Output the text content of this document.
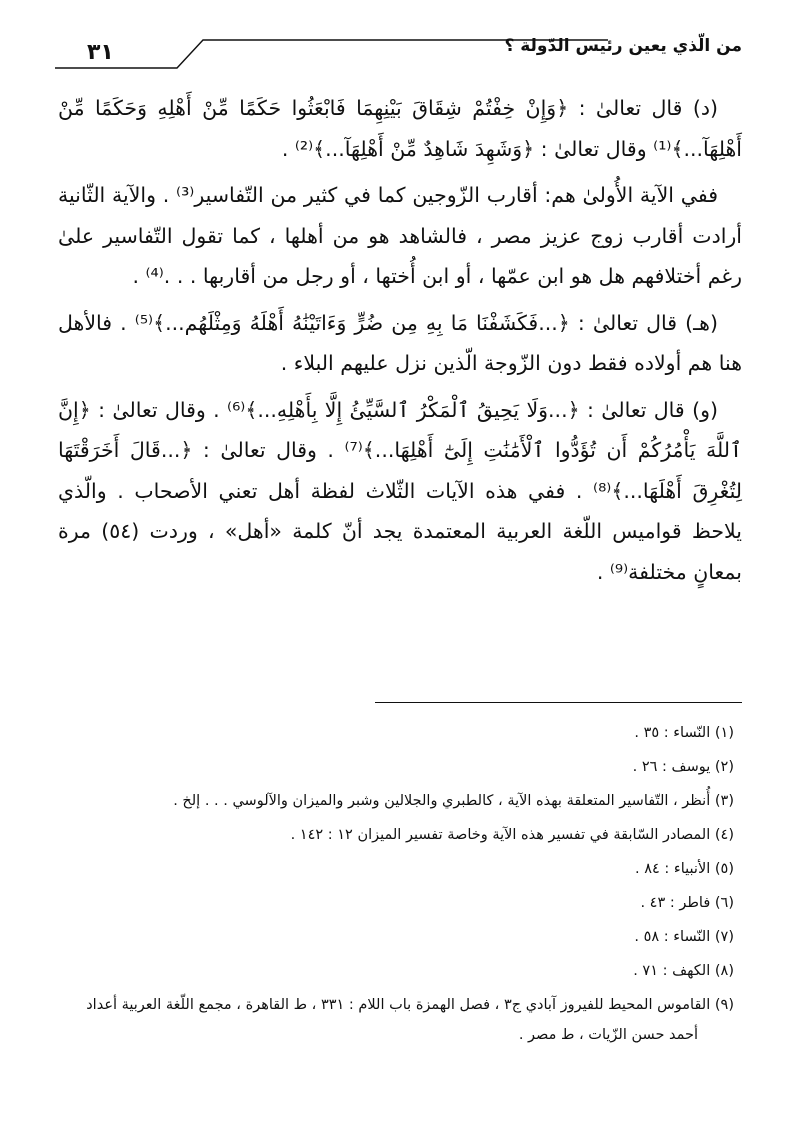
٣١	من الّذي يعين رئيس الدّولة ؟

(د) قال تعالىٰ : ﴿وَإِنْ خِفْتُمْ شِقَاقَ بَيْنِهِمَا فَابْعَثُوا حَكَمًا مِّنْ أَهْلِهِ وَحَكَمًا مِّنْ أَهْلِهَآ...﴾⁽¹⁾ وقال تعالىٰ : ﴿وَشَهِدَ شَاهِدٌ مِّنْ أَهْلِهَآ...﴾⁽²⁾ .

ففي الآية الأُولىٰ هم: أقارب الزّوجين كما في كثير من التّفاسير⁽³⁾ . والآية الثّانية أرادت أقارب زوج عزيز مصر ، فالشاهد هو من أهلها ، كما تقول التّفاسير علىٰ رغم أختلافهم هل هو ابن عمّها ، أو ابن أُختها ، أو رجل من أقاربها . . .⁽⁴⁾ .

(هـ) قال تعالىٰ : ﴿...فَكَشَفْنَا مَا بِهِ مِن ضُرٍّ وَءَاتَيْنَٰهُ أَهْلَهُ وَمِثْلَهُم...﴾⁽⁵⁾ . فالأهل هنا هم أولاده فقط دون الزّوجة الّذين نزل عليهم البلاء .

(و) قال تعالىٰ : ﴿...وَلَا يَحِيقُ ٱلْمَكْرُ ٱلسَّيِّئُ إِلَّا بِأَهْلِهِ...﴾⁽⁶⁾ . وقال تعالىٰ : ﴿إِنَّ ٱللَّهَ يَأْمُرُكُمْ أَن تُؤَدُّوا ٱلْأَمَٰنَٰتِ إِلَىٰٓ أَهْلِهَا...﴾⁽⁷⁾ . وقال تعالىٰ : ﴿...قَالَ أَخَرَقْتَهَا لِتُغْرِقَ أَهْلَهَا...﴾⁽⁸⁾ . ففي هذه الآيات الثّلاث لفظة أهل تعني الأصحاب . والّذي يلاحظ قواميس اللّغة العربية المعتمدة يجد أنّ كلمة «أهل» ، وردت (٥٤) مرة بمعانٍ مختلفة⁽⁹⁾ .

(١) النّساء : ٣٥ .
(٢) يوسف : ٢٦ .
(٣) أُنظر ، التّفاسير المتعلقة بهذه الآية ، كالطبري والجلالين وشبر والميزان والآلوسي . . . إلخ .
(٤) المصادر السّابقة في تفسير هذه الآية وخاصة تفسير الميزان ١٢ : ١٤٢ .
(٥) الأنبياء : ٨٤ .
(٦) فاطر : ٤٣ .
(٧) النّساء : ٥٨ .
(٨) الكهف : ٧١ .
(٩) القاموس المحيط للفيروز آبادي ج٣ ، فصل الهمزة باب اللام : ٣٣١ ، ط القاهرة ، مجمع اللّغة العربية أعداد
أحمد حسن الزّيات ، ط مصر .
